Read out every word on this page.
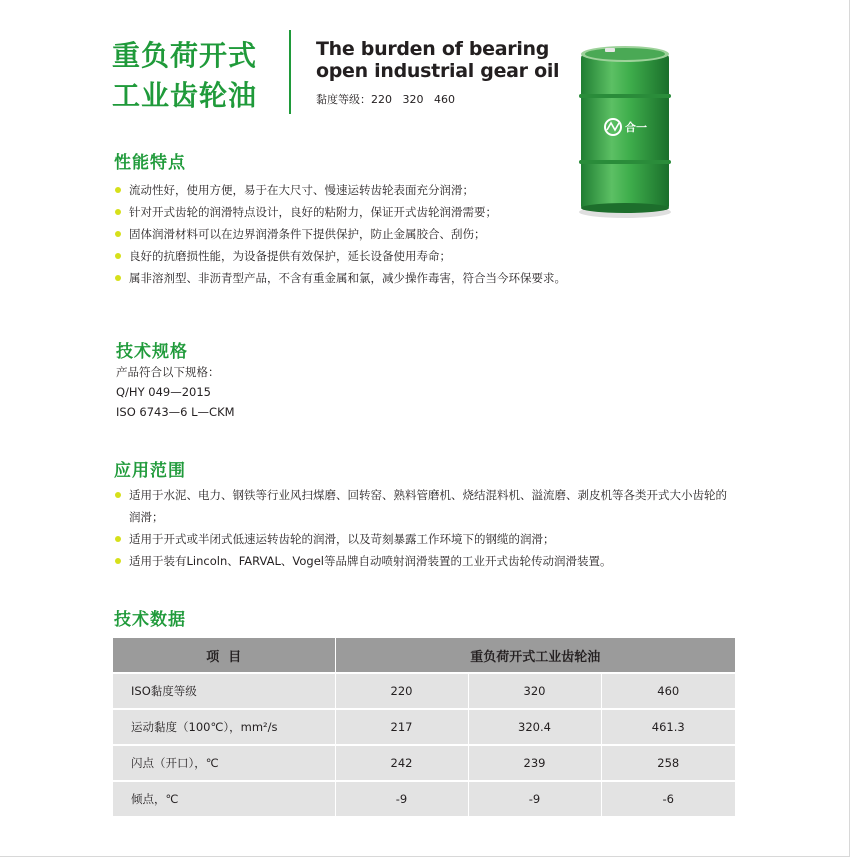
重负荷开式
工业齿轮油
The burden of bearing
open industrial gear oil
黏度等级：220   320   460
合一
性能特点
流动性好，使用方便，易于在大尺寸、慢速运转齿轮表面充分润滑；
针对开式齿轮的润滑特点设计，良好的粘附力，保证开式齿轮润滑需要；
固体润滑材料可以在边界润滑条件下提供保护，防止金属胶合、刮伤；
良好的抗磨损性能，为设备提供有效保护，延长设备使用寿命；
属非溶剂型、非沥青型产品，不含有重金属和氯，减少操作毒害，符合当今环保要求。
技术规格
产品符合以下规格：
Q/HY 049—2015
ISO 6743—6 L—CKM
应用范围
适用于水泥、电力、钢铁等行业风扫煤磨、回转窑、熟料管磨机、烧结混料机、溢流磨、剥皮机等各类开式大小齿轮的润滑；
适用于开式或半闭式低速运转齿轮的润滑，以及苛刻暴露工作环境下的钢缆的润滑；
适用于装有Lincoln、FARVAL、Vogel等品牌自动喷射润滑装置的工业开式齿轮传动润滑装置。
技术数据
项  目	重负荷开式工业齿轮油		
ISO黏度等级	220	320	460
运动黏度（100℃），mm²/s	217	320.4	461.3
闪点（开口），℃	242	239	258
倾点，℃	-9	-9	-6
